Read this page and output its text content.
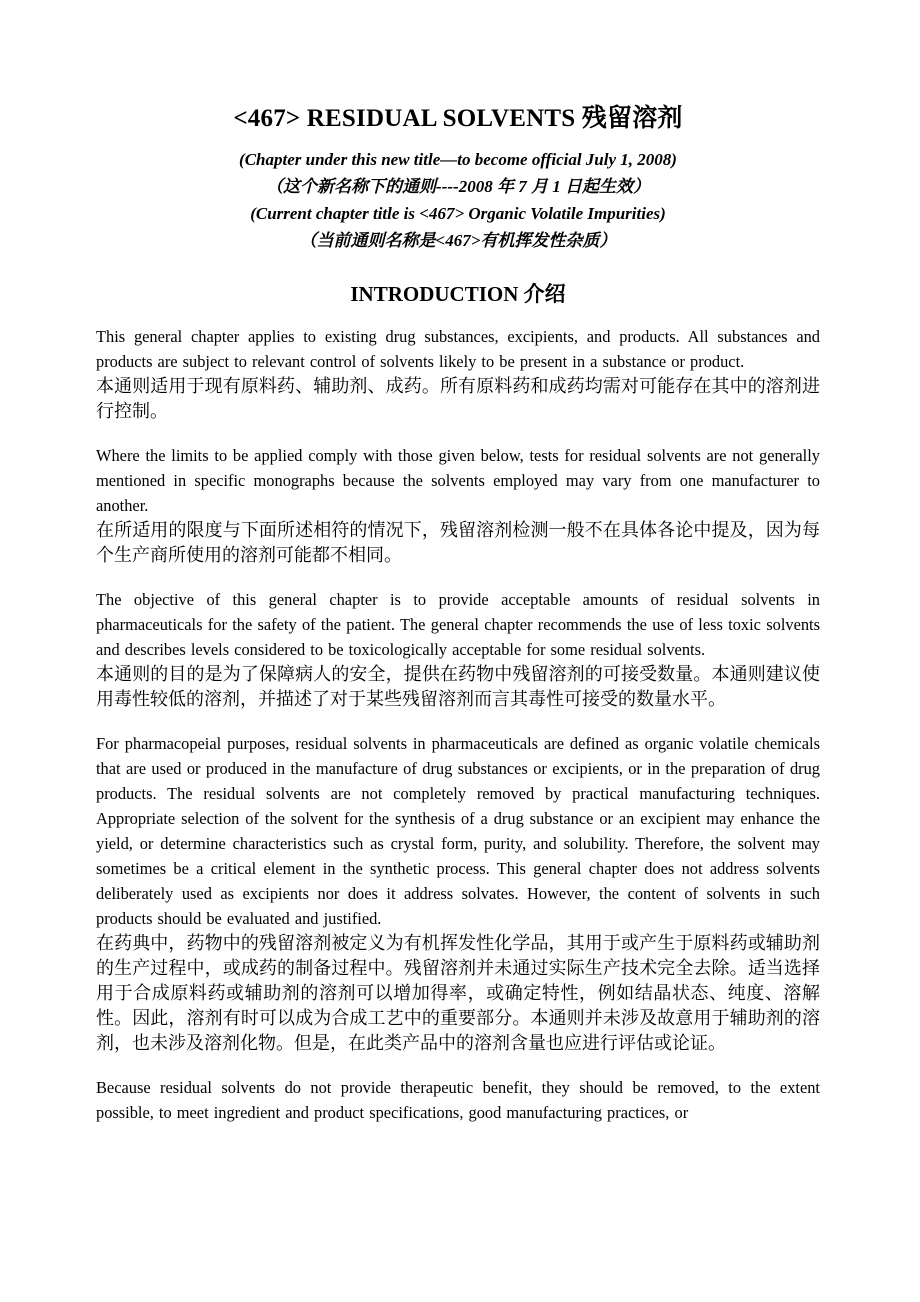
<467> RESIDUAL SOLVENTS 残留溶剂
(Chapter under this new title—to become official July 1, 2008)
（这个新名称下的通则----2008 年 7 月 1 日起生效）
(Current chapter title is <467> Organic Volatile Impurities)
（当前通则名称是<467>有机挥发性杂质）
INTRODUCTION 介绍
This general chapter applies to existing drug substances, excipients, and products. All substances and products are subject to relevant control of solvents likely to be present in a substance or product.
本通则适用于现有原料药、辅助剂、成药。所有原料药和成药均需对可能存在其中的溶剂进行控制。
Where the limits to be applied comply with those given below, tests for residual solvents are not generally mentioned in specific monographs because the solvents employed may vary from one manufacturer to another.
在所适用的限度与下面所述相符的情况下，残留溶剂检测一般不在具体各论中提及，因为每个生产商所使用的溶剂可能都不相同。
The objective of this general chapter is to provide acceptable amounts of residual solvents in pharmaceuticals for the safety of the patient. The general chapter recommends the use of less toxic solvents and describes levels considered to be toxicologically acceptable for some residual solvents.
本通则的目的是为了保障病人的安全，提供在药物中残留溶剂的可接受数量。本通则建议使用毒性较低的溶剂，并描述了对于某些残留溶剂而言其毒性可接受的数量水平。
For pharmacopeial purposes, residual solvents in pharmaceuticals are defined as organic volatile chemicals that are used or produced in the manufacture of drug substances or excipients, or in the preparation of drug products. The residual solvents are not completely removed by practical manufacturing techniques. Appropriate selection of the solvent for the synthesis of a drug substance or an excipient may enhance the yield, or determine characteristics such as crystal form, purity, and solubility. Therefore, the solvent may sometimes be a critical element in the synthetic process. This general chapter does not address solvents deliberately used as excipients nor does it address solvates. However, the content of solvents in such products should be evaluated and justified.
在药典中，药物中的残留溶剂被定义为有机挥发性化学品，其用于或产生于原料药或辅助剂的生产过程中，或成药的制备过程中。残留溶剂并未通过实际生产技术完全去除。适当选择用于合成原料药或辅助剂的溶剂可以增加得率，或确定特性，例如结晶状态、纯度、溶解性。因此，溶剂有时可以成为合成工艺中的重要部分。本通则并未涉及故意用于辅助剂的溶剂，也未涉及溶剂化物。但是，在此类产品中的溶剂含量也应进行评估或论证。
Because residual solvents do not provide therapeutic benefit, they should be removed, to the extent possible, to meet ingredient and product specifications, good manufacturing practices, or
